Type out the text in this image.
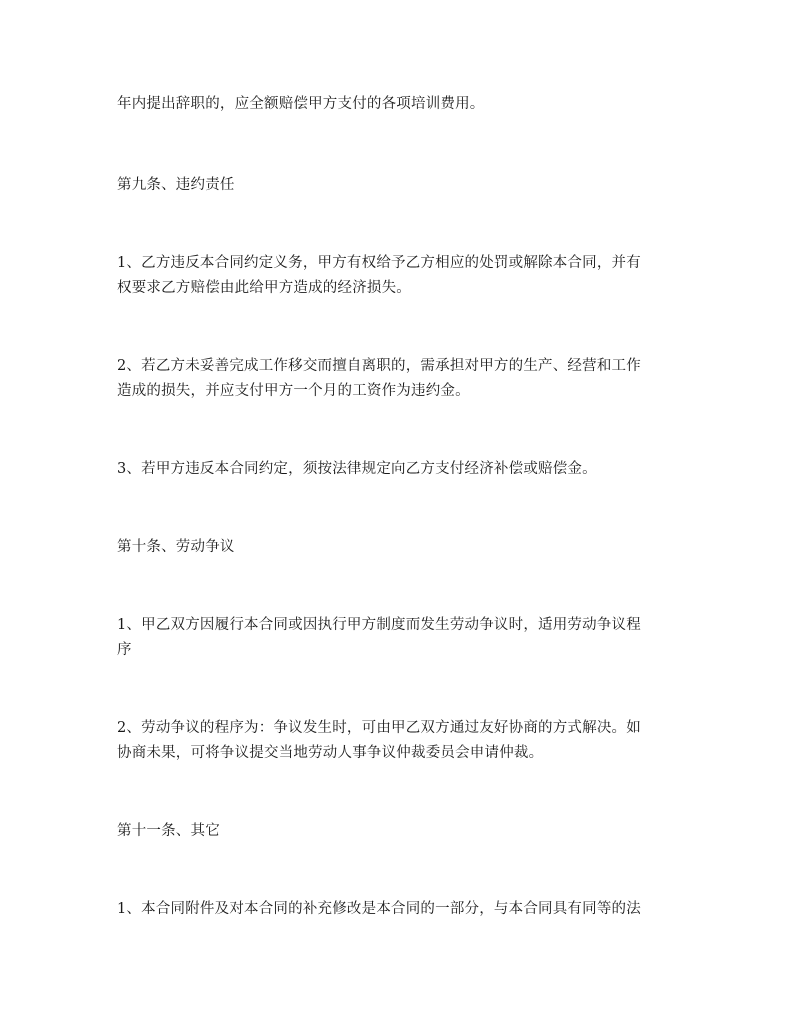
年内提出辞职的，应全额赔偿甲方支付的各项培训费用。
第九条、违约责任
1、乙方违反本合同约定义务，甲方有权给予乙方相应的处罚或解除本合同，并有
权要求乙方赔偿由此给甲方造成的经济损失。
2、若乙方未妥善完成工作移交而擅自离职的，需承担对甲方的生产、经营和工作
造成的损失，并应支付甲方一个月的工资作为违约金。
3、若甲方违反本合同约定，须按法律规定向乙方支付经济补偿或赔偿金。
第十条、劳动争议
1、甲乙双方因履行本合同或因执行甲方制度而发生劳动争议时，适用劳动争议程
序
2、劳动争议的程序为：争议发生时，可由甲乙双方通过友好协商的方式解决。如
协商未果，可将争议提交当地劳动人事争议仲裁委员会申请仲裁。
第十一条、其它
1、本合同附件及对本合同的补充修改是本合同的一部分，与本合同具有同等的法
